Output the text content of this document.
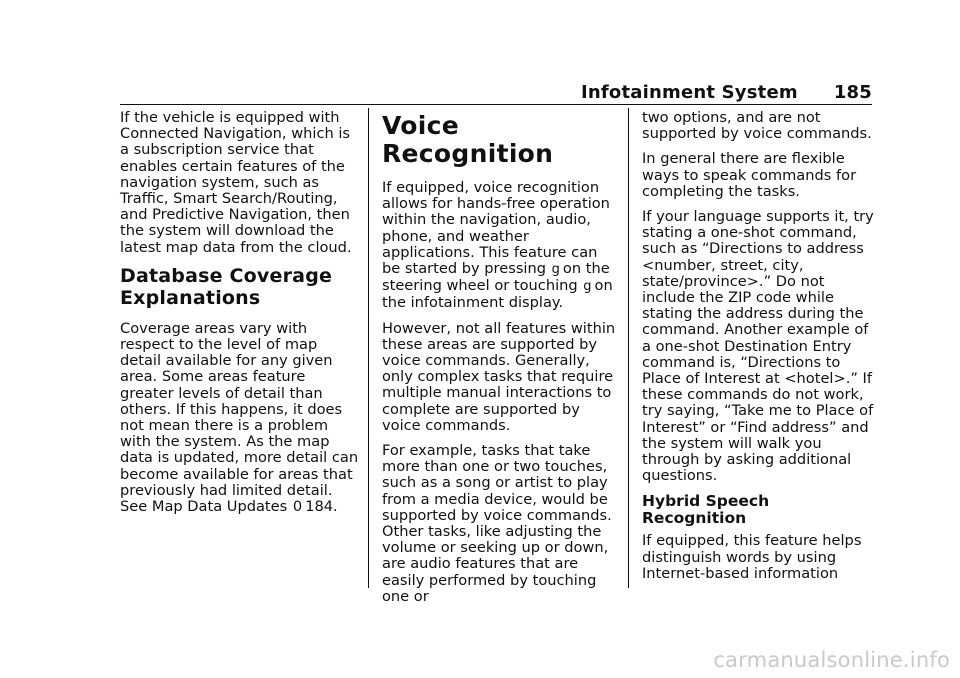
Infotainment System 185

If the vehicle is equipped with Connected Navigation, which is a subscription service that enables certain features of the navigation system, such as Traffic, Smart Search/Routing, and Predictive Navigation, then the system will download the latest map data from the cloud.

Database Coverage Explanations

Coverage areas vary with respect to the level of map detail available for any given area. Some areas feature greater levels of detail than others. If this happens, it does not mean there is a problem with the system. As the map data is updated, more detail can become available for areas that previously had limited detail. See Map Data Updates 0 184.

Voice Recognition

If equipped, voice recognition allows for hands-free operation within the navigation, audio, phone, and weather applications. This feature can be started by pressing g on the steering wheel or touching g on the infotainment display.

However, not all features within these areas are supported by voice commands. Generally, only complex tasks that require multiple manual interactions to complete are supported by voice commands.

For example, tasks that take more than one or two touches, such as a song or artist to play from a media device, would be supported by voice commands. Other tasks, like adjusting the volume or seeking up or down, are audio features that are easily performed by touching one or

two options, and are not supported by voice commands.

In general there are flexible ways to speak commands for completing the tasks.

If your language supports it, try stating a one-shot command, such as “Directions to address <number, street, city, state/province>.” Do not include the ZIP code while stating the address during the command. Another example of a one-shot Destination Entry command is, “Directions to Place of Interest at <hotel>.” If these commands do not work, try saying, “Take me to Place of Interest” or “Find address” and the system will walk you through by asking additional questions.

Hybrid Speech Recognition

If equipped, this feature helps distinguish words by using Internet-based information

carmanualsonline.info
